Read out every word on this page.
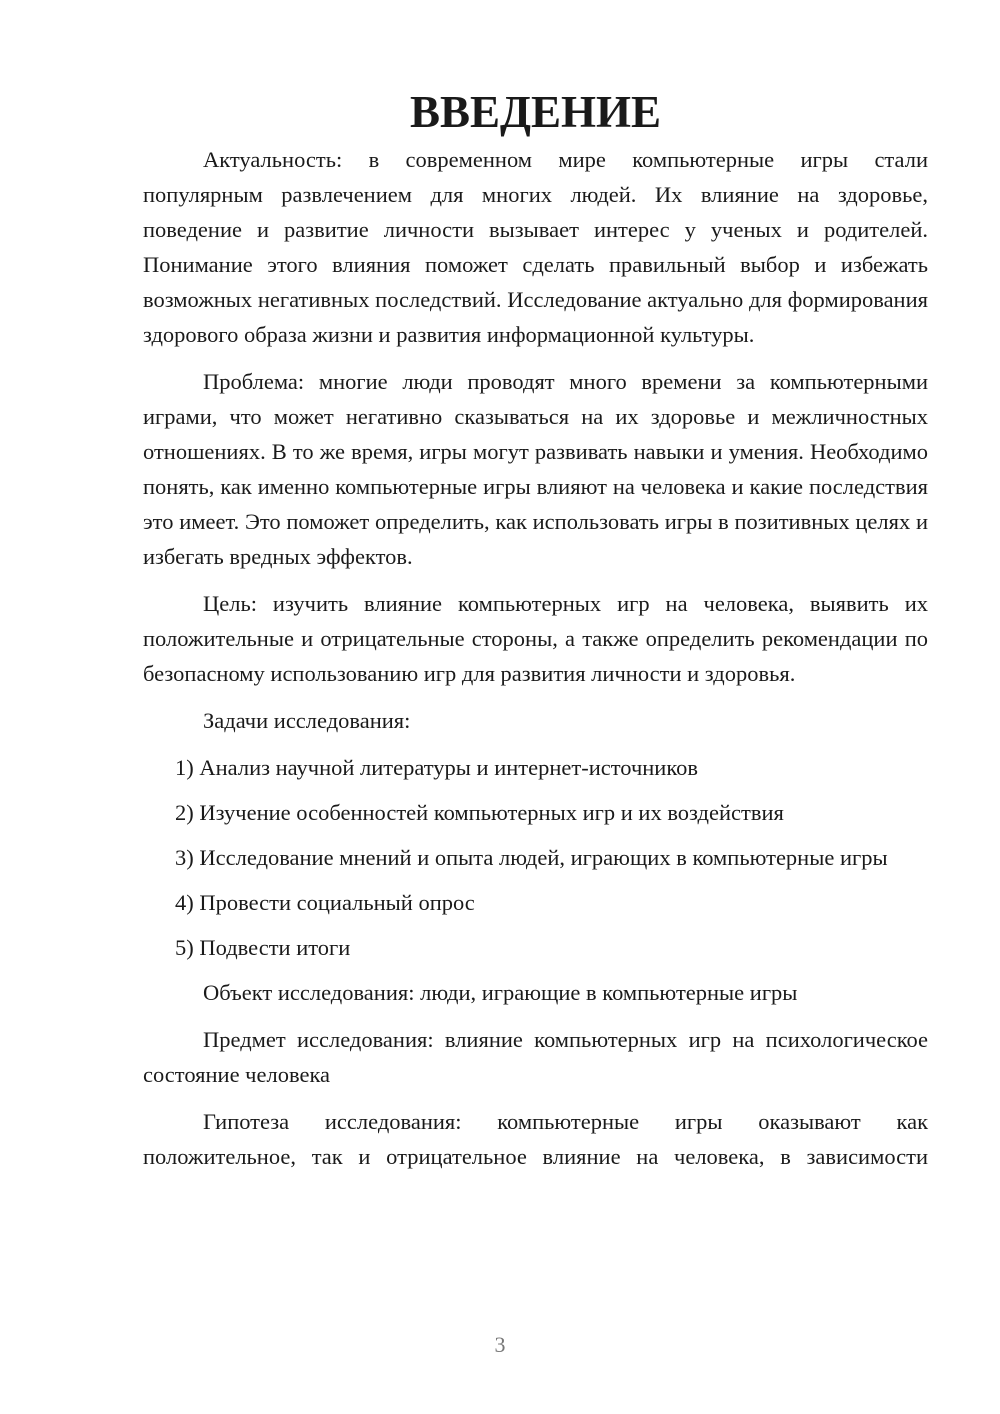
ВВЕДЕНИЕ

Актуальность: в современном мире компьютерные игры стали популярным развлечением для многих людей. Их влияние на здоровье, поведение и развитие личности вызывает интерес у ученых и родителей. Понимание этого влияния поможет сделать правильный выбор и избежать возможных негативных последствий. Исследование актуально для формирования здорового образа жизни и развития информационной культуры.

Проблема: многие люди проводят много времени за компьютерными играми, что может негативно сказываться на их здоровье и межличностных отношениях. В то же время, игры могут развивать навыки и умения. Необходимо понять, как именно компьютерные игры влияют на человека и какие последствия это имеет. Это поможет определить, как использовать игры в позитивных целях и избегать вредных эффектов.

Цель: изучить влияние компьютерных игр на человека, выявить их положительные и отрицательные стороны, а также определить рекомендации по безопасному использованию игр для развития личности и здоровья.

Задачи исследования:

1) Анализ научной литературы и интернет-источников

2) Изучение особенностей компьютерных игр и их воздействия

3) Исследование мнений и опыта людей, играющих в компьютерные игры

4) Провести социальный опрос

5) Подвести итоги

Объект исследования: люди, играющие в компьютерные игры

Предмет исследования: влияние компьютерных игр на психологическое состояние человека

Гипотеза исследования: компьютерные игры оказывают как положительное, так и отрицательное влияние на человека, в зависимости

3
